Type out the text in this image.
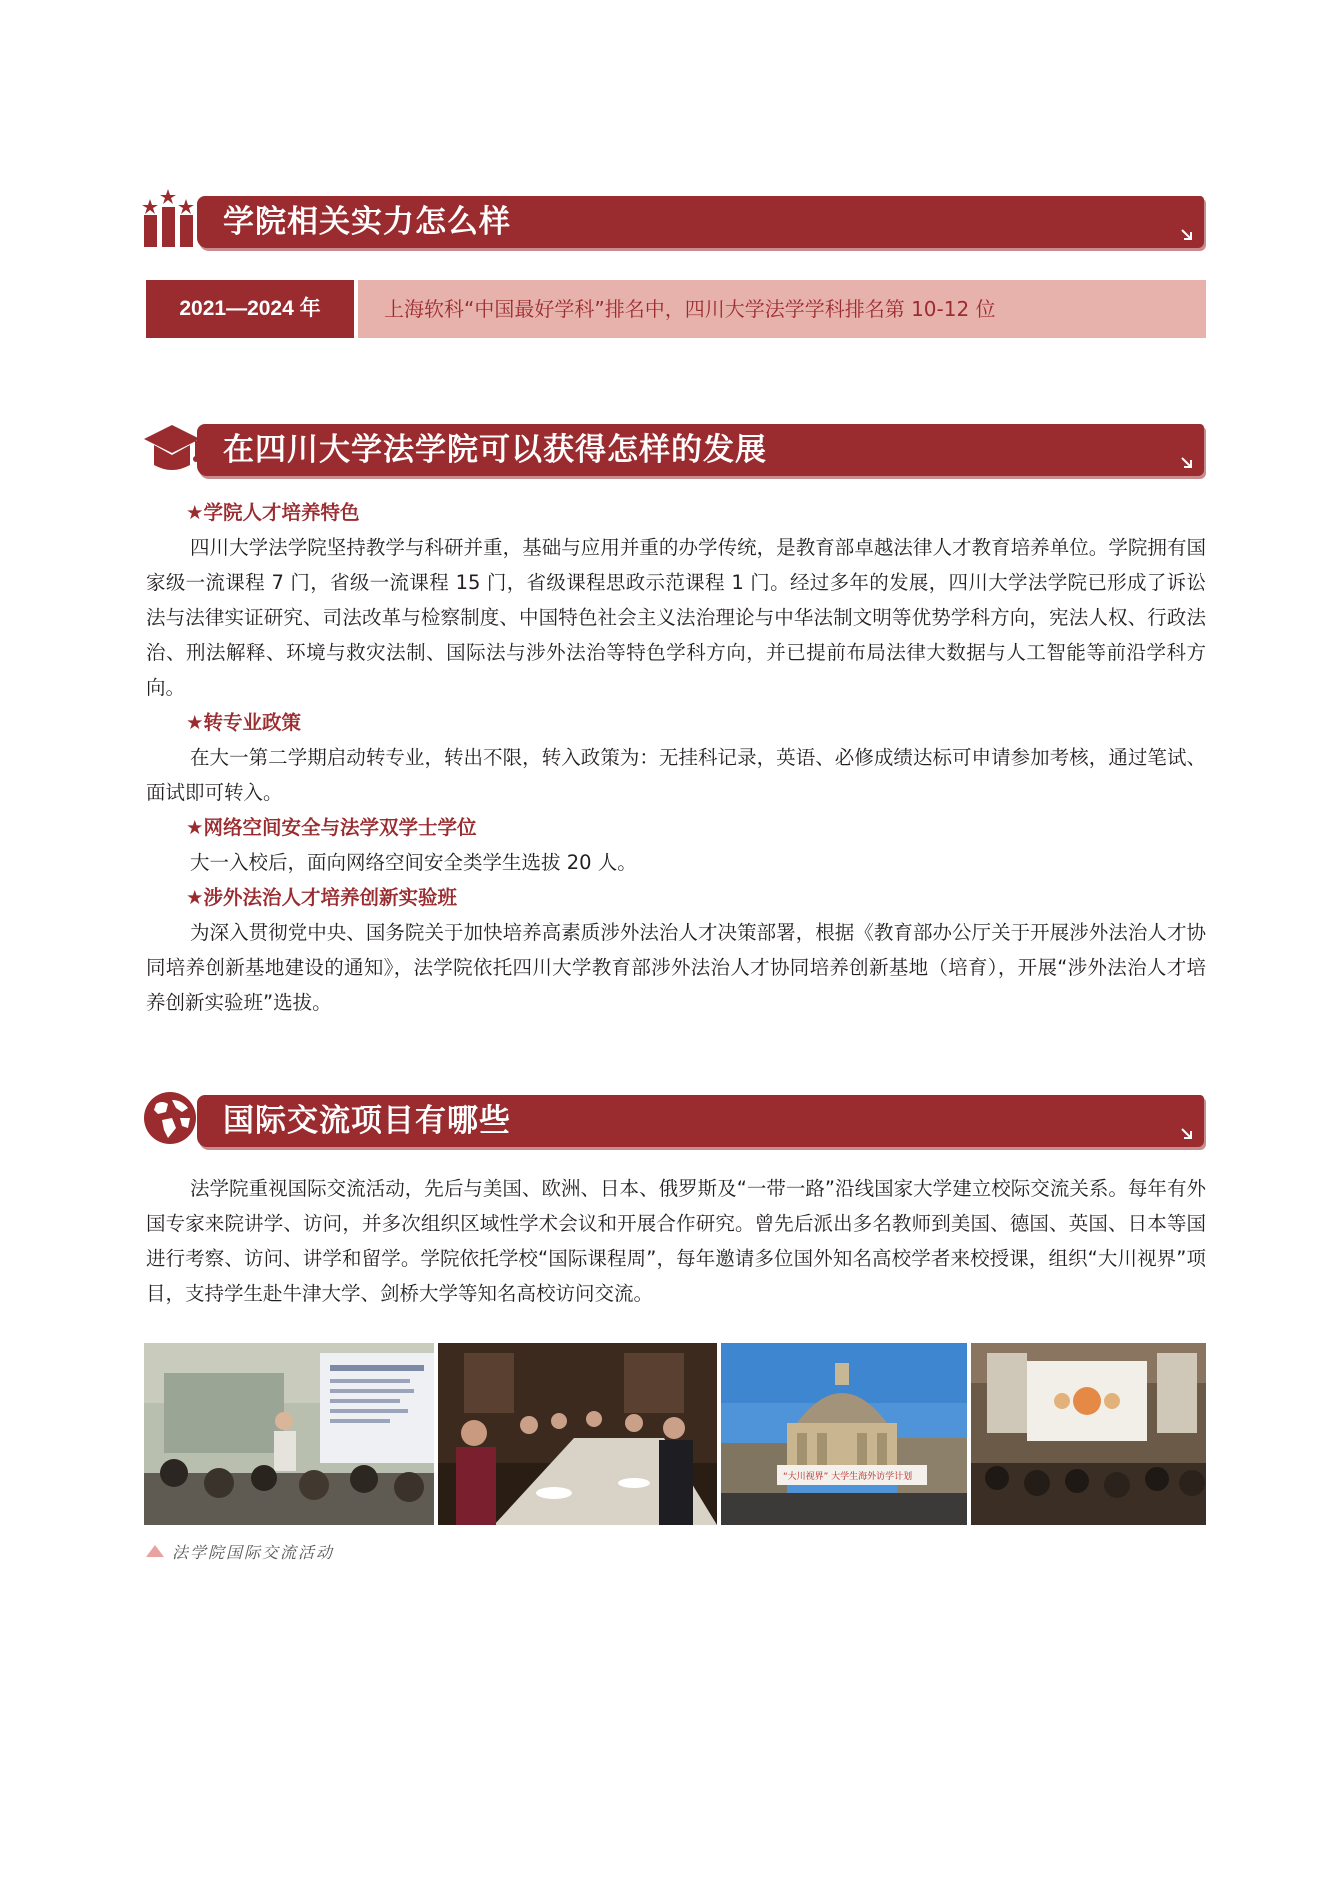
学院相关实力怎么样
2021—2024 年	上海软科“中国最好学科”排名中，四川大学法学学科排名第 10-12 位
在四川大学法学院可以获得怎样的发展
★学院人才培养特色

四川大学法学院坚持教学与科研并重，基础与应用并重的办学传统，是教育部卓越法律人才教育培养单位。学院拥有国家级一流课程 7 门，省级一流课程 15 门，省级课程思政示范课程 1 门。经过多年的发展，四川大学法学院已形成了诉讼法与法律实证研究、司法改革与检察制度、中国特色社会主义法治理论与中华法制文明等优势学科方向，宪法人权、行政法治、刑法解释、环境与救灾法制、国际法与涉外法治等特色学科方向，并已提前布局法律大数据与人工智能等前沿学科方向。

★转专业政策

在大一第二学期启动转专业，转出不限，转入政策为：无挂科记录，英语、必修成绩达标可申请参加考核，通过笔试、面试即可转入。

★网络空间安全与法学双学士学位

大一入校后，面向网络空间安全类学生选拔 20 人。

★涉外法治人才培养创新实验班

为深入贯彻党中央、国务院关于加快培养高素质涉外法治人才决策部署，根据《教育部办公厅关于开展涉外法治人才协同培养创新基地建设的通知》，法学院依托四川大学教育部涉外法治人才协同培养创新基地（培育），开展“涉外法治人才培养创新实验班”选拔。

国际交流项目有哪些

法学院重视国际交流活动，先后与美国、欧洲、日本、俄罗斯及“一带一路”沿线国家大学建立校际交流关系。每年有外国专家来院讲学、访问，并多次组织区域性学术会议和开展合作研究。曾先后派出多名教师到美国、德国、英国、日本等国进行考察、访问、讲学和留学。学院依托学校“国际课程周”，每年邀请多位国外知名高校学者来校授课，组织“大川视界”项目，支持学生赴牛津大学、剑桥大学等知名高校访问交流。

“大川视界” 大学生海外访学计划
法学院国际交流活动
